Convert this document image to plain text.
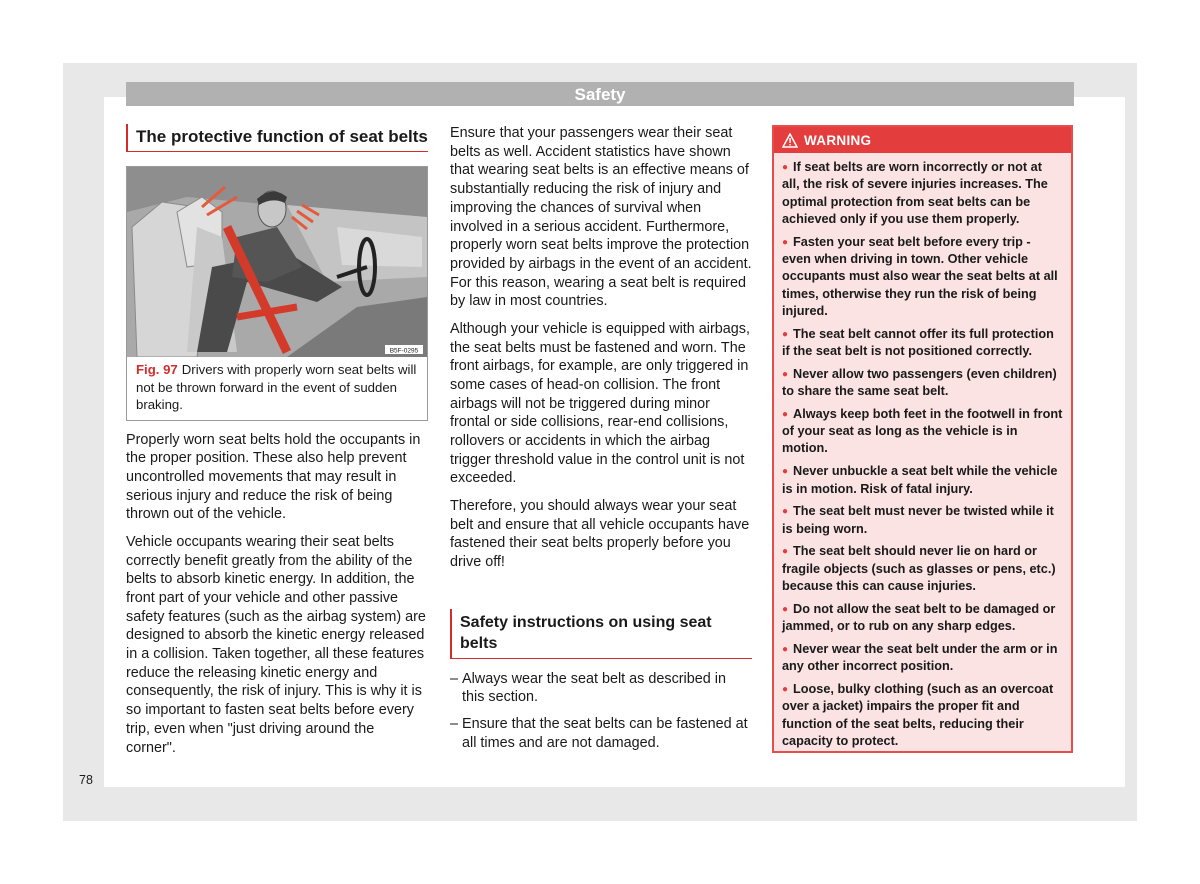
Safety
The protective function of seat belts
B5F-0295
Fig. 97 Drivers with properly worn seat belts will not be thrown forward in the event of sudden braking.

Properly worn seat belts hold the occupants in the proper position. These also help prevent uncontrolled movements that may result in serious injury and reduce the risk of being thrown out of the vehicle.

Vehicle occupants wearing their seat belts correctly benefit greatly from the ability of the belts to absorb kinetic energy. In addition, the front part of your vehicle and other passive safety features (such as the airbag system) are designed to absorb the kinetic energy released in a collision. Taken together, all these features reduce the releasing kinetic energy and consequently, the risk of injury. This is why it is so important to fasten seat belts before every trip, even when "just driving around the corner".

Ensure that your passengers wear their seat belts as well. Accident statistics have shown that wearing seat belts is an effective means of substantially reducing the risk of injury and improving the chances of survival when involved in a serious accident. Furthermore, properly worn seat belts improve the protection provided by airbags in the event of an accident. For this reason, wearing a seat belt is required by law in most countries.

Although your vehicle is equipped with airbags, the seat belts must be fastened and worn. The front airbags, for example, are only triggered in some cases of head-on collision. The front airbags will not be triggered during minor frontal or side collisions, rear-end collisions, rollovers or accidents in which the airbag trigger threshold value in the control unit is not exceeded.

Therefore, you should always wear your seat belt and ensure that all vehicle occupants have fastened their seat belts properly before you drive off!

Safety instructions on using seat belts
– Always wear the seat belt as described in this section.
– Ensure that the seat belts can be fastened at all times and are not damaged.
WARNING
● If seat belts are worn incorrectly or not at all, the risk of severe injuries increases. The optimal protection from seat belts can be achieved only if you use them properly.
● Fasten your seat belt before every trip - even when driving in town. Other vehicle occupants must also wear the seat belts at all times, otherwise they run the risk of being injured.
● The seat belt cannot offer its full protection if the seat belt is not positioned correctly.
● Never allow two passengers (even children) to share the same seat belt.
● Always keep both feet in the footwell in front of your seat as long as the vehicle is in motion.
● Never unbuckle a seat belt while the vehicle is in motion. Risk of fatal injury.
● The seat belt must never be twisted while it is being worn.
● The seat belt should never lie on hard or fragile objects (such as glasses or pens, etc.) because this can cause injuries.
● Do not allow the seat belt to be damaged or jammed, or to rub on any sharp edges.
● Never wear the seat belt under the arm or in any other incorrect position.
● Loose, bulky clothing (such as an overcoat over a jacket) impairs the proper fit and function of the seat belts, reducing their capacity to protect.
78
